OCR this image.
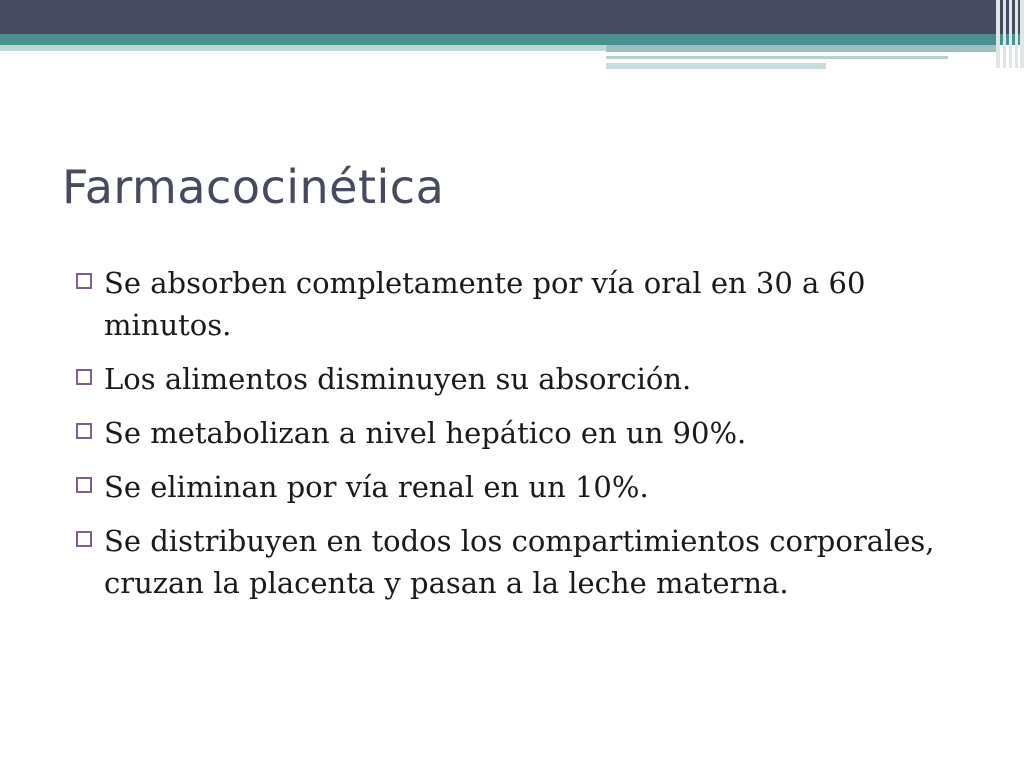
Farmacocinética
Se absorben completamente por vía oral en 30 a 60 minutos.
Los alimentos disminuyen su absorción.
Se metabolizan a nivel hepático en un 90%.
Se eliminan por vía renal en un 10%.
Se distribuyen en todos los compartimientos corporales, cruzan la placenta y pasan a la leche materna.
